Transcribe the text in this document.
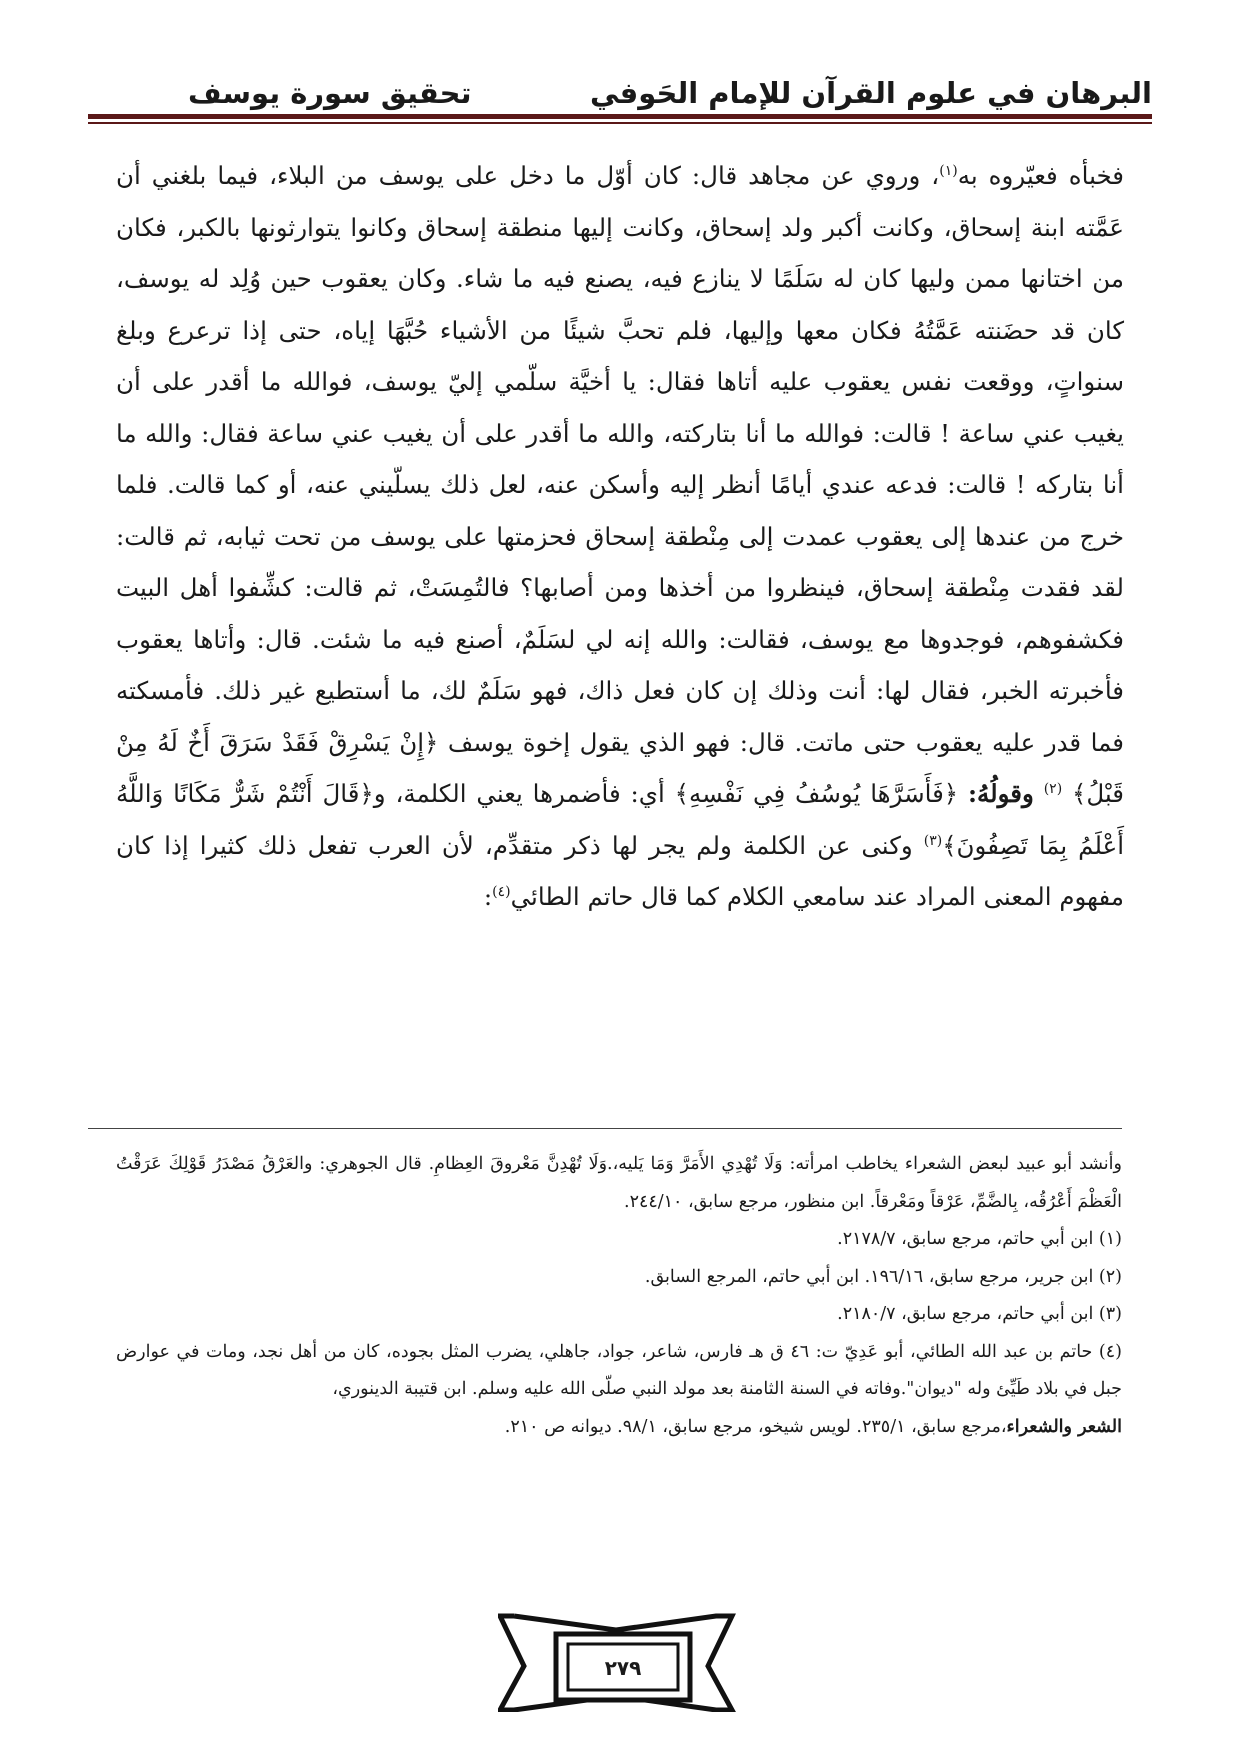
البرهان في علوم القرآن للإمام الحَوفي
تحقيق سورة يوسف

فخبأه فعيّروه به$^{(١)}$، وروي عن مجاهد قال: كان أوّل ما دخل على يوسف من البلاء، فيما بلغني أن عَمَّته ابنة إسحاق، وكانت أكبر ولد إسحاق، وكانت إليها منطقة إسحاق وكانوا يتوارثونها بالكبر، فكان من اختانها ممن وليها كان له سَلَمًا لا ينازع فيه، يصنع فيه ما شاء. وكان يعقوب حين وُلِد له يوسف، كان قد حضَنته عَمَّتُهُ فكان معها وإليها، فلم تحبَّ شيئًا من الأشياء حُبَّهَا إياه، حتى إذا ترعرع وبلغ سنواتٍ، ووقعت نفس يعقوب عليه أتاها فقال: يا أخيَّة سلّمي إليّ يوسف، فوالله ما أقدر على أن يغيب عني ساعة ! قالت: فوالله ما أنا بتاركته، والله ما أقدر على أن يغيب عني ساعة فقال: والله ما أنا بتاركه ! قالت: فدعه عندي أيامًا أنظر إليه وأسكن عنه، لعل ذلك يسلّيني عنه، أو كما قالت. فلما خرج من عندها إلى يعقوب عمدت إلى مِنْطقة إسحاق فحزمتها على يوسف من تحت ثيابه، ثم قالت: لقد فقدت مِنْطقة إسحاق، فينظروا من أخذها ومن أصابها؟ فالتُمِسَتْ، ثم قالت: كشِّفوا أهل البيت فكشفوهم، فوجدوها مع يوسف، فقالت: والله إنه لي لسَلَمٌ، أصنع فيه ما شئت. قال: وأتاها يعقوب فأخبرته الخبر، فقال لها: أنت وذلك إن كان فعل ذاك، فهو سَلَمٌ لك، ما أستطيع غير ذلك. فأمسكته فما قدر عليه يعقوب حتى ماتت. قال: فهو الذي يقول إخوة يوسف ﴿إِنْ يَسْرِقْ فَقَدْ سَرَقَ أَخٌ لَهُ مِنْ قَبْلُ﴾ $^{(٢)}$ وقولُهُ: ﴿فَأَسَرَّهَا يُوسُفُ فِي نَفْسِهِ﴾ أي: فأضمرها يعني الكلمة، و﴿قَالَ أَنْتُمْ شَرٌّ مَكَانًا وَاللَّهُ أَعْلَمُ بِمَا تَصِفُونَ﴾$^{(٣)}$ وكنى عن الكلمة ولم يجر لها ذكر متقدِّم، لأن العرب تفعل ذلك كثيرا إذا كان مفهوم المعنى المراد عند سامعي الكلام كما قال حاتم الطائي$^{(٤)}$:

وأنشد أبو عبيد لبعض الشعراء يخاطب امرأته: وَلَا تُهْدِي الأَمَرَّ وَمَا يَليه،.وَلَا تُهْدِنَّ مَعْروقَ العِظامِ. قال الجوهري: والعَرْقُ مَصْدَرُ قَوْلِكَ عَرَقْتُ الْعَظْمَ أَعْرُقُه، بِالضَّمِّ، عَرْقاً ومَعْرقاً. ابن منظور، مرجع سابق، ٢٤٤/١٠.

(١) ابن أبي حاتم، مرجع سابق، ٢١٧٨/٧.

(٢) ابن جرير، مرجع سابق، ١٩٦/١٦. ابن أبي حاتم، المرجع السابق.

(٣) ابن أبي حاتم، مرجع سابق، ٢١٨٠/٧.

(٤) حاتم بن عبد الله الطائي، أبو عَدِيّ ت: ٤٦ ق هـ فارس، شاعر، جواد، جاهلي، يضرب المثل بجوده، كان من أهل نجد، ومات في عوارض جبل في بلاد طَيِّئ وله "ديوان".وفاته في السنة الثامنة بعد مولد النبي صلّى الله عليه وسلم. ابن قتيبة الدينوري،
الشعر والشعراء،مرجع سابق، ٢٣٥/١. لويس شيخو، مرجع سابق، ٩٨/١. ديوانه ص ٢١٠.

٢٧٩
